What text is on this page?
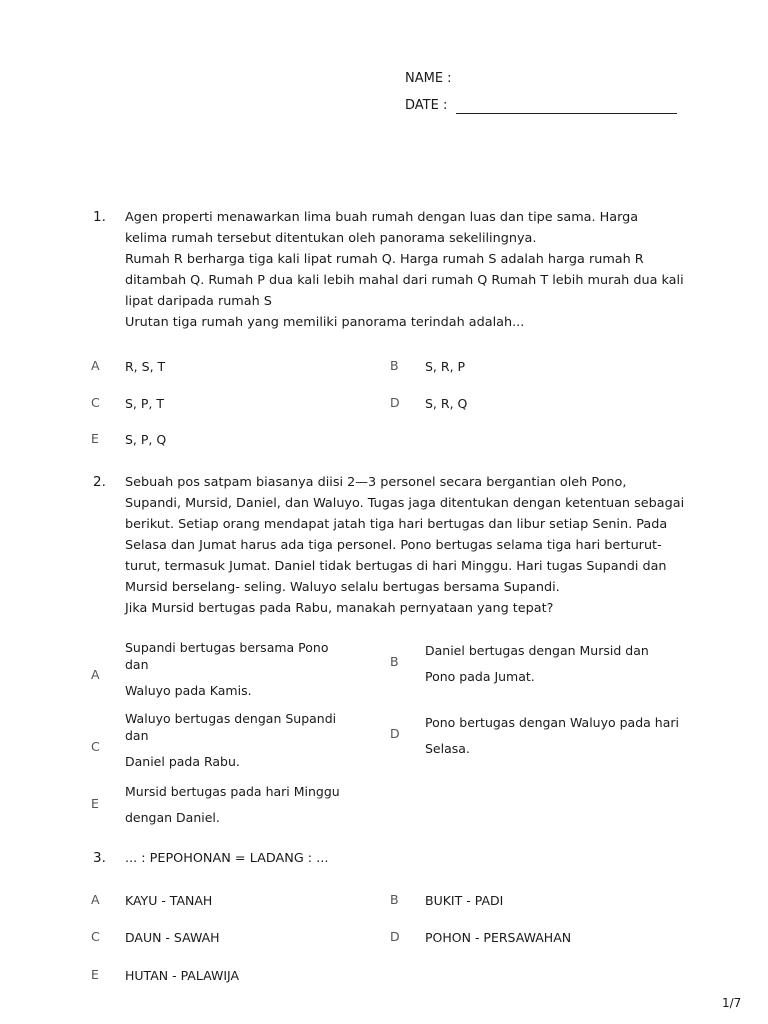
NAME :
DATE :
1. Agen properti menawarkan lima buah rumah dengan luas dan tipe sama. Harga
kelima rumah tersebut ditentukan oleh panorama sekelilingnya.
Rumah R berharga tiga kali lipat rumah Q. Harga rumah S adalah harga rumah R
ditambah Q. Rumah P dua kali lebih mahal dari rumah Q Rumah T lebih murah dua kali
lipat daripada rumah S
Urutan tiga rumah yang memiliki panorama terindah adalah...
A R, S, T	B S, R, P
C S, P, T	D S, R, Q
E S, P, Q
2. Sebuah pos satpam biasanya diisi 2—3 personel secara bergantian oleh Pono,
Supandi, Mursid, Daniel, dan Waluyo. Tugas jaga ditentukan dengan ketentuan sebagai
berikut. Setiap orang mendapat jatah tiga hari bertugas dan libur setiap Senin. Pada
Selasa dan Jumat harus ada tiga personel. Pono bertugas selama tiga hari berturut-
turut, termasuk Jumat. Daniel tidak bertugas di hari Minggu. Hari tugas Supandi dan
Mursid berselang- seling. Waluyo selalu bertugas bersama Supandi.
Jika Mursid bertugas pada Rabu, manakah pernyataan yang tepat?
A
Supandi bertugas bersama Pono
dan
Waluyo pada Kamis.
B
Daniel bertugas dengan Mursid dan
Pono pada Jumat.
C
Waluyo bertugas dengan Supandi
dan
Daniel pada Rabu.
D
Pono bertugas dengan Waluyo pada hari
Selasa.
E
Mursid bertugas pada hari Minggu
dengan Daniel.
3. ... : PEPOHONAN = LADANG : ...
A KAYU - TANAH	B BUKIT - PADI
C DAUN - SAWAH	D POHON - PERSAWAHAN
E HUTAN - PALAWIJA
1/7
